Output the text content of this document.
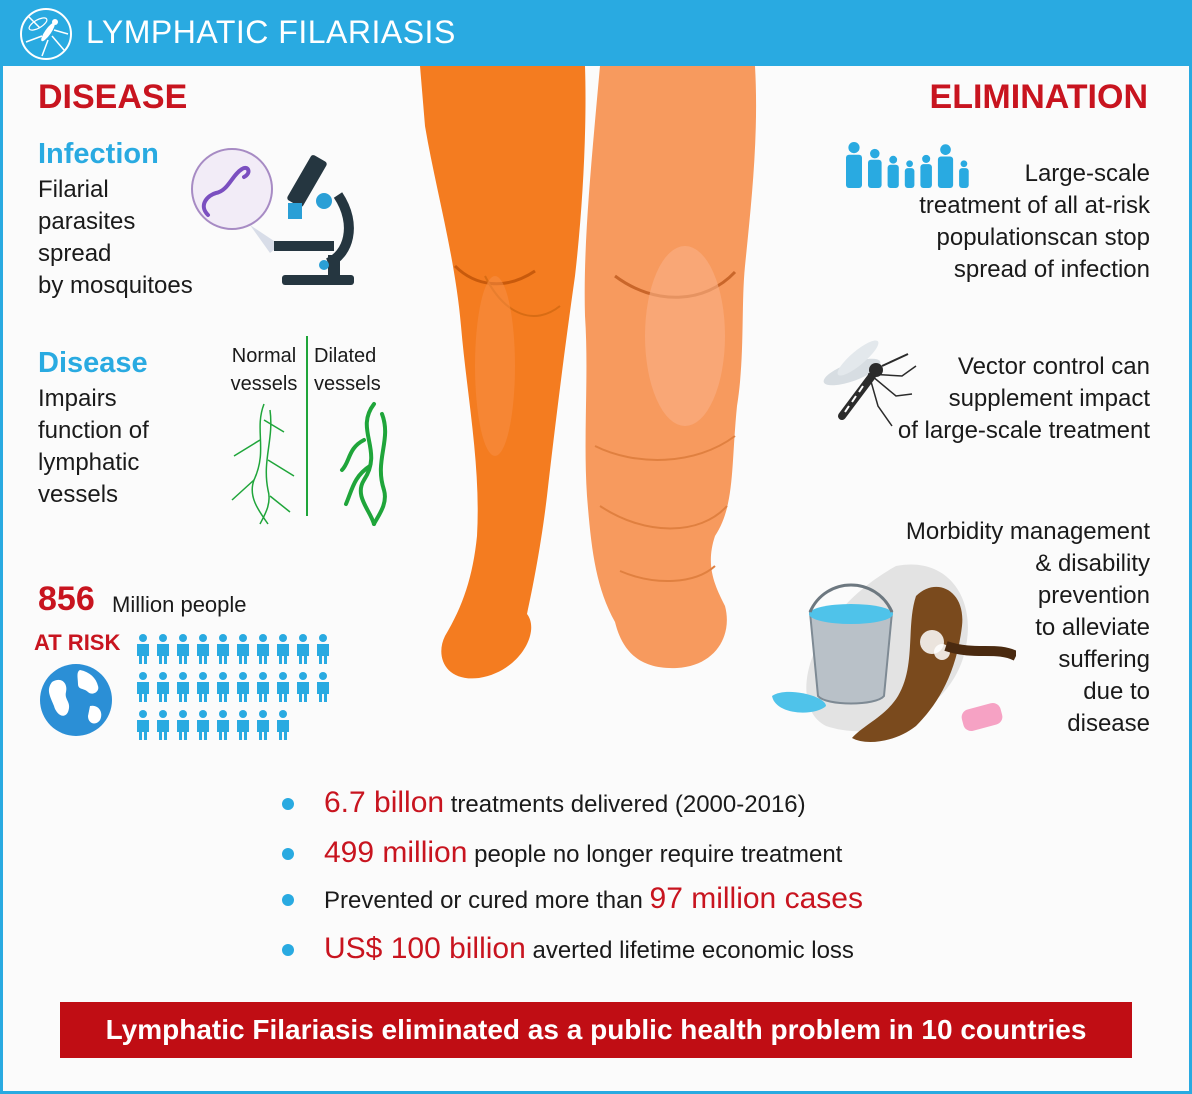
LYMPHATIC FILARIASIS
DISEASE
Infection
Filarial
parasites
spread
by mosquitoes
Disease
Impairs
function of
lymphatic
vessels
Normal
vessels
Dilated
vessels
856 Million people
AT RISK
ELIMINATION
Large-scale
treatment of all at-risk
populationscan stop
spread of infection
Vector control can
supplement impact
of large-scale treatment
Morbidity management
& disability
prevention
to alleviate
suffering
due to
disease
6.7 billon treatments delivered (2000-2016)
499 million people no longer require treatment
Prevented or cured more than 97 million cases
US$ 100 billion averted lifetime economic loss
Lymphatic Filariasis eliminated as a public health problem in 10 countries
